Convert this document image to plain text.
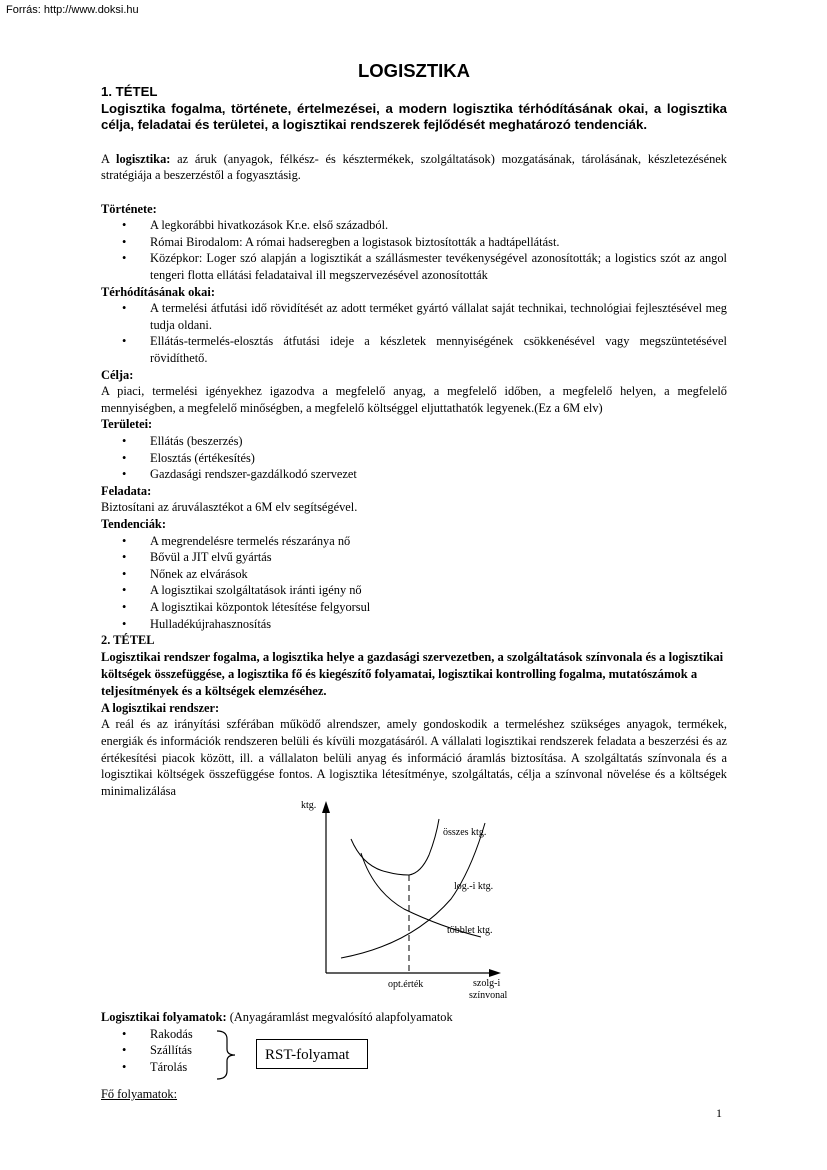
Forrás: http://www.doksi.hu
LOGISZTIKA
1. TÉTEL
Logisztika fogalma, története, értelmezései, a modern logisztika térhódításának okai, a logisztika célja, feladatai és területei, a logisztikai rendszerek fejlődését meghatározó tendenciák.

A logisztika: az áruk (anyagok, félkész- és késztermékek, szolgáltatások) mozgatásának, tárolásának, készletezésének stratégiája a beszerzéstől a fogyasztásig.

Története:
• A legkorábbi hivatkozások Kr.e. első századból.
• Római Birodalom: A római hadseregben a logistasok biztosították a hadtápellátást.
• Középkor: Loger szó alapján a logisztikát a szállásmester tevékenységével azonosították; a logistics szót az angol tengeri flotta ellátási feladataival ill megszervezésével azonosították
Térhódításának okai:
• A termelési átfutási idő rövidítését az adott terméket gyártó vállalat saját technikai, technológiai fejlesztésével meg tudja oldani.
• Ellátás-termelés-elosztás átfutási ideje a készletek mennyiségének csökkenésével vagy megszüntetésével rövidíthető.
Célja:

A piaci, termelési igényekhez igazodva a megfelelő anyag, a megfelelő időben, a megfelelő helyen, a megfelelő mennyiségben, a megfelelő minőségben, a megfelelő költséggel eljuttathatók legyenek.(Ez a 6M elv)

Területei:
• Ellátás (beszerzés)
• Elosztás (értékesítés)
• Gazdasági rendszer-gazdálkodó szervezet
Feladata:

Biztosítani az áruválasztékot a 6M elv segítségével.

Tendenciák:
• A megrendelésre termelés részaránya nő
• Bővül a JIT elvű gyártás
• Nőnek az elvárások
• A logisztikai szolgáltatások iránti igény nő
• A logisztikai központok létesítése felgyorsul
• Hulladékújrahasznosítás
2. TÉTEL
Logisztikai rendszer fogalma, a logisztika helye a gazdasági szervezetben, a szolgáltatások színvonala és a logisztikai költségek összefüggése, a logisztika fő és kiegészítő folyamatai, logisztikai kontrolling fogalma, mutatószámok a teljesítmények és a költségek elemzéséhez.
A logisztikai rendszer:

A reál és az irányítási szférában működő alrendszer, amely gondoskodik a termeléshez szükséges anyagok, termékek, energiák és információk rendszeren belüli és kívüli mozgatásáról. A vállalati logisztikai rendszerek feladata a beszerzési és az értékesítési piacok között, ill. a vállalaton belüli anyag és információ áramlás biztosítása. A szolgáltatás színvonala és a logisztikai költségek összefüggése fontos. A logisztika létesítménye, szolgáltatás, célja a színvonal növelése és a költségek minimalizálása

ktg.
szolg-i
színvonal
opt.érték
összes ktg.
log.-i ktg.
többlet ktg.

Logisztikai folyamatok: (Anyagáramlást megvalósító alapfolyamatok

• Rakodás
• Szállítás
• Tárolás
RST-folyamat
Fő folyamatok:
1
